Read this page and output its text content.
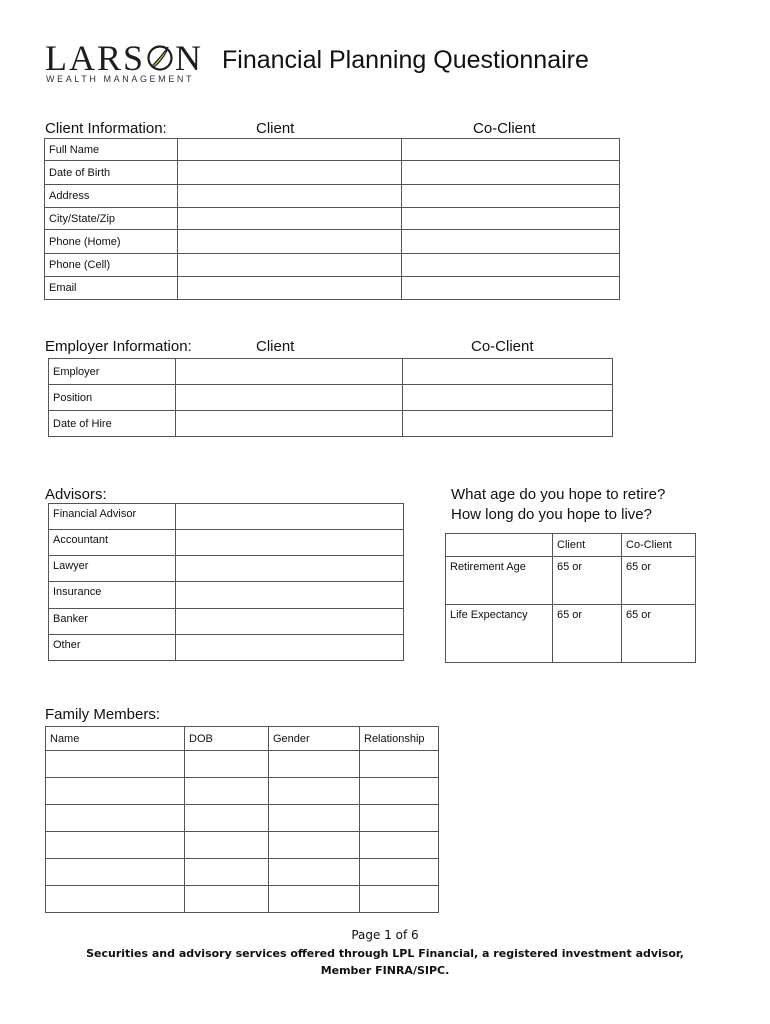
LARS N
WEALTH MANAGEMENT
Financial Planning Questionnaire
Client Information:	Client	Co-Client
Full Name		
Date of Birth		
Address		
City/State/Zip		
Phone (Home)		
Phone (Cell)		
Email		
Employer Information:	Client	Co-Client
Employer		
Position		
Date of Hire		
Advisors:
Financial Advisor	
Accountant	
Lawyer	
Insurance	
Banker	
Other	
What age do you hope to retire?
How long do you hope to live?
	Client	Co-Client
Retirement Age	65 or	65 or
Life Expectancy	65 or	65 or
Family Members:
Name	DOB	Gender	Relationship

Page 1 of 6
Securities and advisory services offered through LPL Financial, a registered investment advisor, Member FINRA/SIPC.
